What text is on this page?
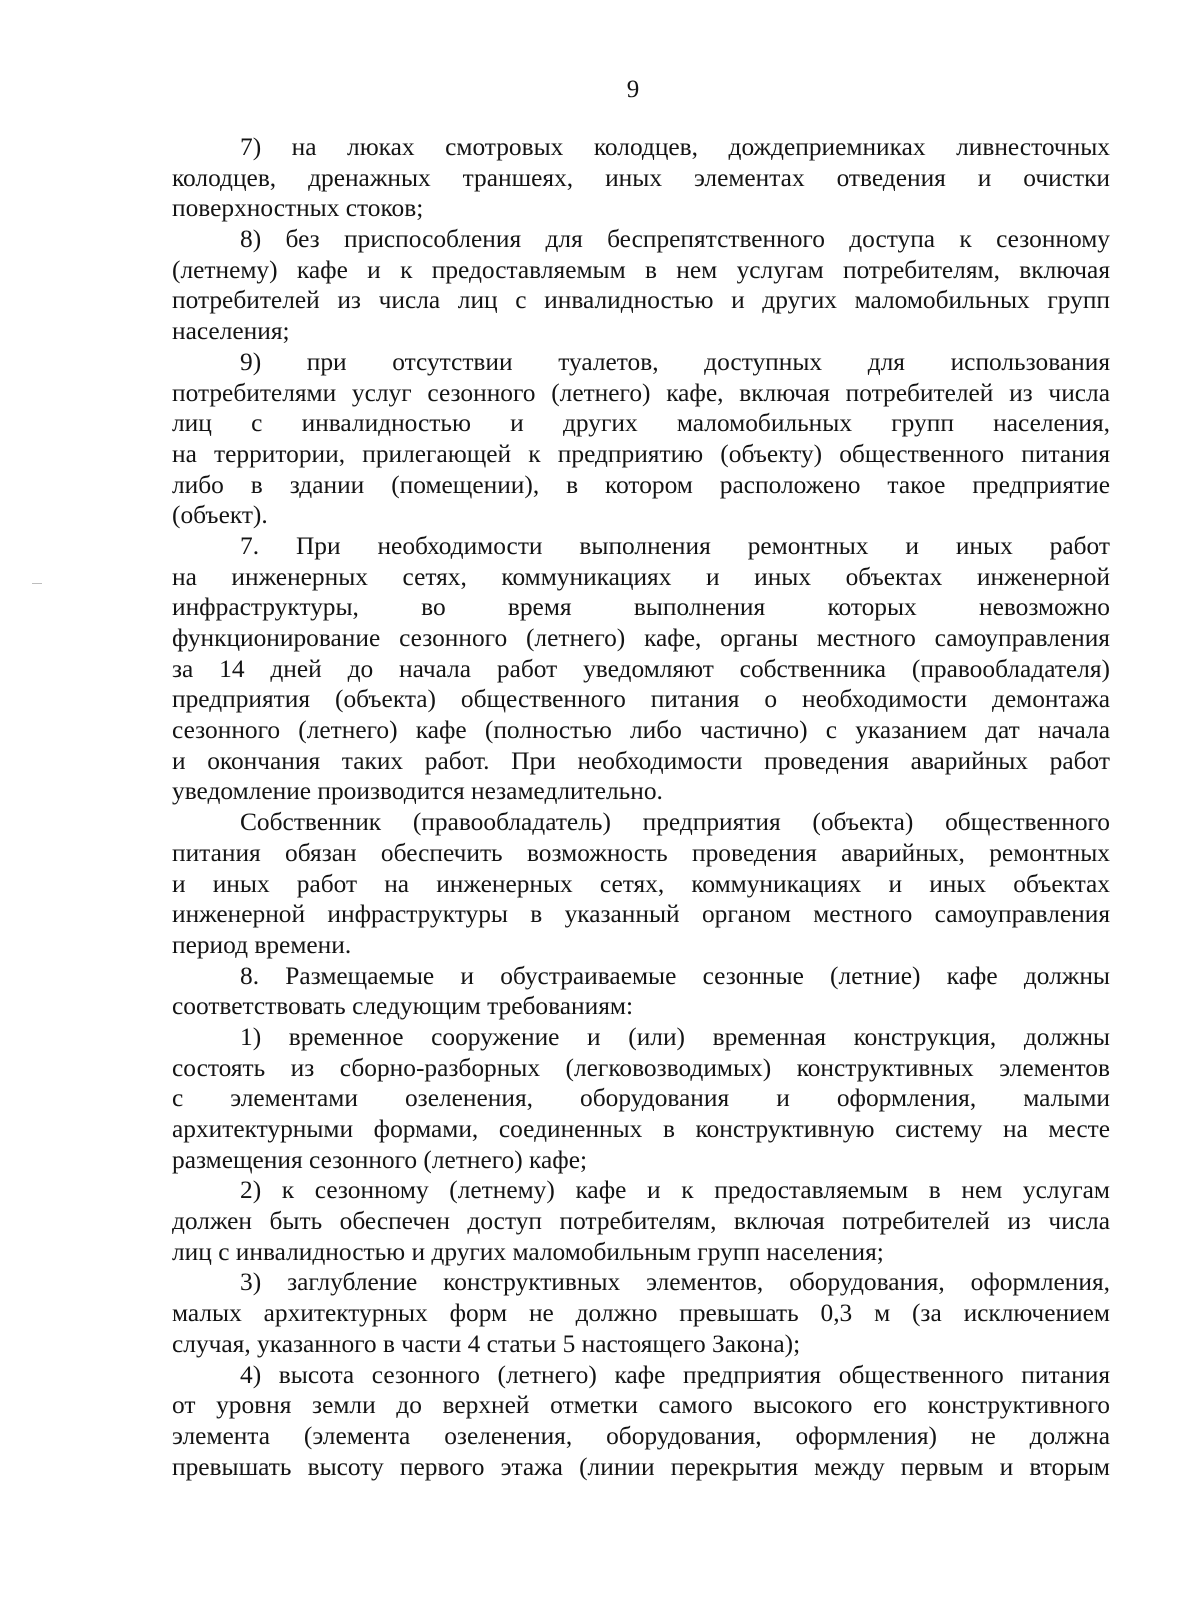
9
7) на люках смотровых колодцев, дождеприемниках ливнесточных
колодцев, дренажных траншеях, иных элементах отведения и очистки
поверхностных стоков;
8) без приспособления для беспрепятственного доступа к сезонному
(летнему) кафе и к предоставляемым в нем услугам потребителям, включая
потребителей из числа лиц с инвалидностью и других маломобильных групп
населения;
9) при отсутствии туалетов, доступных для использования
потребителями услуг сезонного (летнего) кафе, включая потребителей из числа
лиц с инвалидностью и других маломобильных групп населения,
на территории, прилегающей к предприятию (объекту) общественного питания
либо в здании (помещении), в котором расположено такое предприятие
(объект).
7. При необходимости выполнения ремонтных и иных работ
на инженерных сетях, коммуникациях и иных объектах инженерной
инфраструктуры, во время выполнения которых невозможно
функционирование сезонного (летнего) кафе, органы местного самоуправления
за 14 дней до начала работ уведомляют собственника (правообладателя)
предприятия (объекта) общественного питания о необходимости демонтажа
сезонного (летнего) кафе (полностью либо частично) с указанием дат начала
и окончания таких работ. При необходимости проведения аварийных работ
уведомление производится незамедлительно.
Собственник (правообладатель) предприятия (объекта) общественного
питания обязан обеспечить возможность проведения аварийных, ремонтных
и иных работ на инженерных сетях, коммуникациях и иных объектах
инженерной инфраструктуры в указанный органом местного самоуправления
период времени.
8. Размещаемые и обустраиваемые сезонные (летние) кафе должны
соответствовать следующим требованиям:
1) временное сооружение и (или) временная конструкция, должны
состоять из сборно-разборных (легковозводимых) конструктивных элементов
с элементами озеленения, оборудования и оформления, малыми
архитектурными формами, соединенных в конструктивную систему на месте
размещения сезонного (летнего) кафе;
2) к сезонному (летнему) кафе и к предоставляемым в нем услугам
должен быть обеспечен доступ потребителям, включая потребителей из числа
лиц с инвалидностью и других маломобильным групп населения;
3) заглубление конструктивных элементов, оборудования, оформления,
малых архитектурных форм не должно превышать 0,3 м (за исключением
случая, указанного в части 4 статьи 5 настоящего Закона);
4) высота сезонного (летнего) кафе предприятия общественного питания
от уровня земли до верхней отметки самого высокого его конструктивного
элемента (элемента озеленения, оборудования, оформления) не должна
превышать высоту первого этажа (линии перекрытия между первым и вторым
